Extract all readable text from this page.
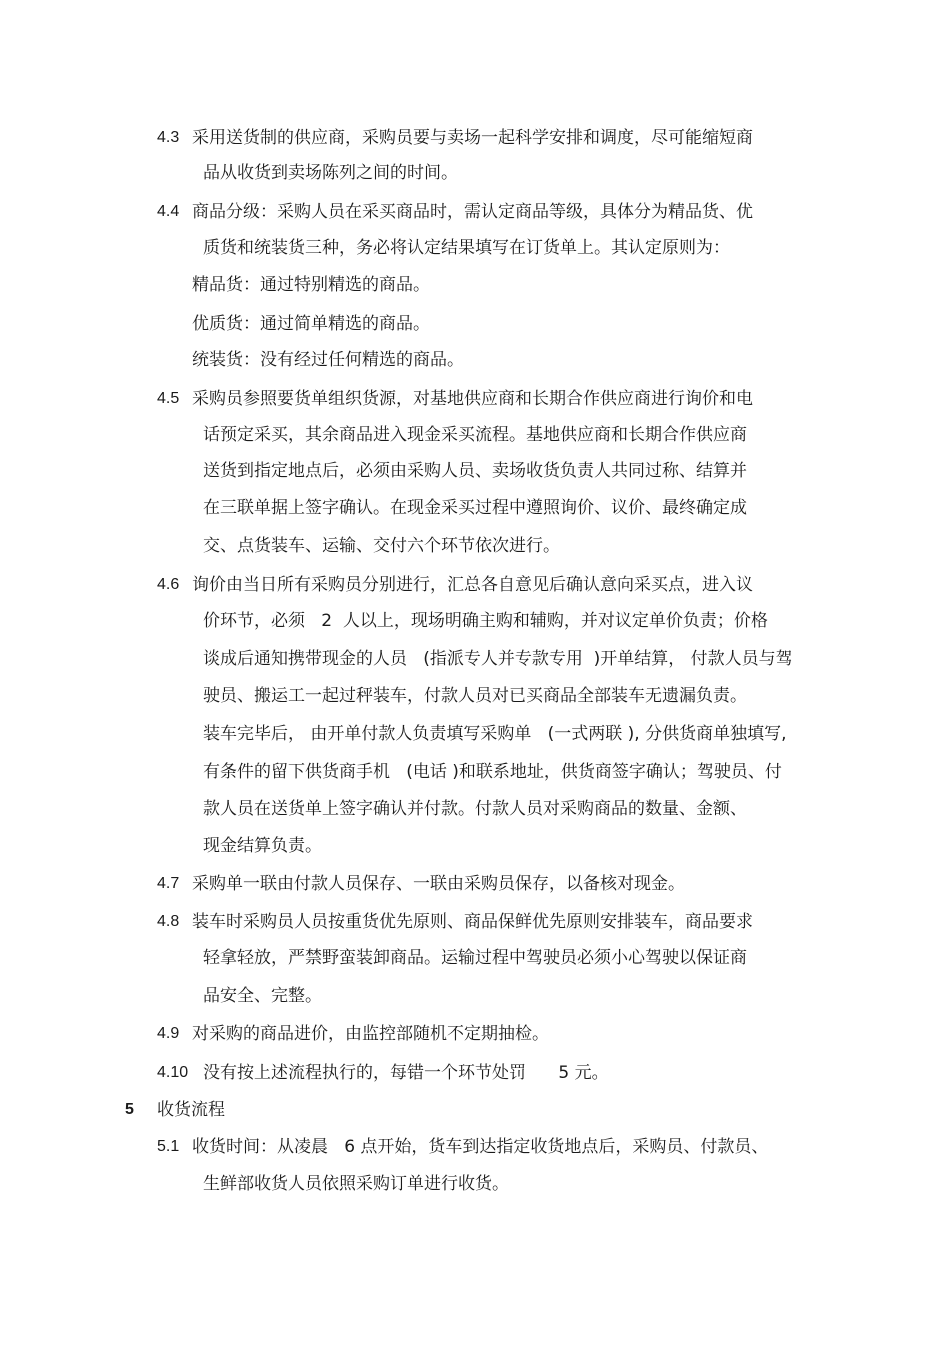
4.3 采用送货制的供应商，采购员要与卖场一起科学安排和调度，尽可能缩短商
品从收货到卖场陈列之间的时间。
4.4 商品分级：采购人员在采买商品时，需认定商品等级，具体分为精品货、优
质货和统装货三种，务必将认定结果填写在订货单上。其认定原则为：
精品货：通过特别精选的商品。
优质货：通过简单精选的商品。
统装货：没有经过任何精选的商品。
4.5 采购员参照要货单组织货源，对基地供应商和长期合作供应商进行询价和电
话预定采买，其余商品进入现金采买流程。基地供应商和长期合作供应商
送货到指定地点后，必须由采购人员、卖场收货负责人共同过称、结算并
在三联单据上签字确认。在现金采买过程中遵照询价、议价、最终确定成
交、点货装车、运输、交付六个环节依次进行。
4.6 询价由当日所有采购员分别进行，汇总各自意见后确认意向采买点，进入议
价环节，必须   2  人以上，现场明确主购和辅购，并对议定单价负责；价格
谈成后通知携带现金的人员   (指派专人并专款专用  )开单结算， 付款人员与驾
驶员、搬运工一起过秤装车，付款人员对已买商品全部装车无遗漏负责。
装车完毕后， 由开单付款人负责填写采购单   (一式两联 ), 分供货商单独填写,
有条件的留下供货商手机   (电话 )和联系地址，供货商签字确认；驾驶员、付
款人员在送货单上签字确认并付款。付款人员对采购商品的数量、金额、
现金结算负责。
4.7 采购单一联由付款人员保存、一联由采购员保存，以备核对现金。
4.8 装车时采购员人员按重货优先原则、商品保鲜优先原则安排装车，商品要求
轻拿轻放，严禁野蛮装卸商品。运输过程中驾驶员必须小心驾驶以保证商
品安全、完整。
4.9 对采购的商品进价，由监控部随机不定期抽检。
4.10 没有按上述流程执行的，每错一个环节处罚      5 元。
5 收货流程
5.1 收货时间：从凌晨   6 点开始，货车到达指定收货地点后，采购员、付款员、
生鲜部收货人员依照采购订单进行收货。
